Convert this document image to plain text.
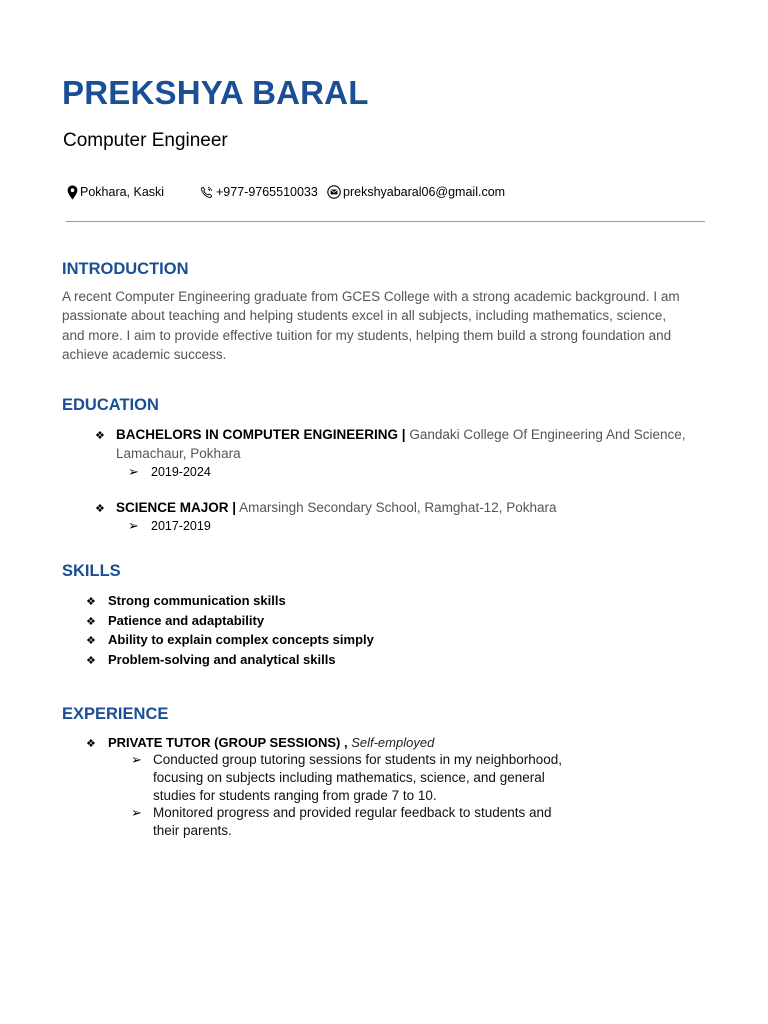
PREKSHYA BARAL
Computer Engineer
Pokhara, Kaski	+977-9765510033 prekshyabaral06@gmail.com
INTRODUCTION
A recent Computer Engineering graduate from GCES College with a strong academic background. I am
passionate about teaching and helping students excel in all subjects, including mathematics, science,
and more. I aim to provide effective tuition for my students, helping them build a strong foundation and
achieve academic success.
EDUCATION
❖ BACHELORS IN COMPUTER ENGINEERING | Gandaki College Of Engineering And Science,
Lamachaur, Pokhara
➢ 2019-2024
❖ SCIENCE MAJOR | Amarsingh Secondary School, Ramghat-12, Pokhara
➢ 2017-2019
SKILLS
❖ Strong communication skills
❖ Patience and adaptability
❖ Ability to explain complex concepts simply
❖ Problem-solving and analytical skills
EXPERIENCE
❖ PRIVATE TUTOR (GROUP SESSIONS) , Self-employed
➢ Conducted group tutoring sessions for students in my neighborhood,
focusing on subjects including mathematics, science, and general
studies for students ranging from grade 7 to 10.
➢ Monitored progress and provided regular feedback to students and
their parents.
